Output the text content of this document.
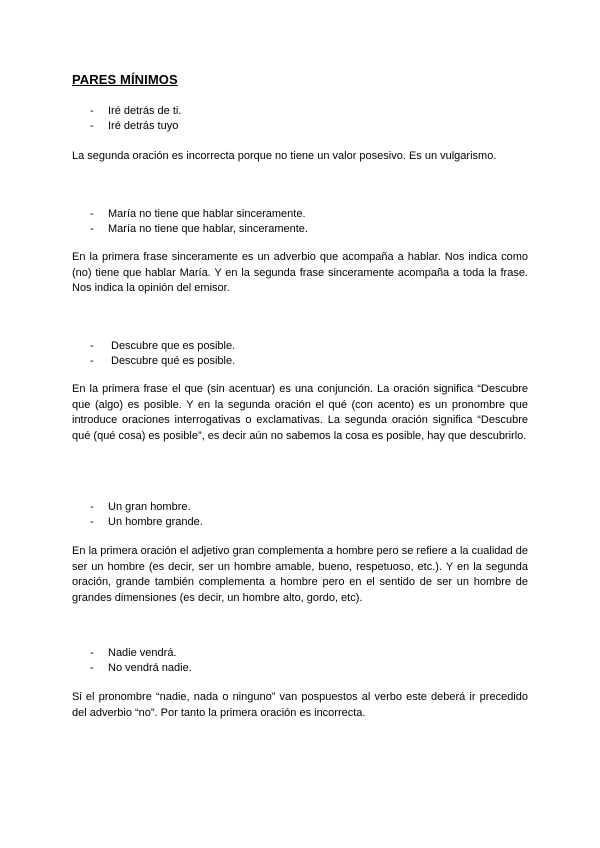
PARES MÍNIMOS
- Iré detrás de ti.
- Iré detrás tuyo

La segunda oración es incorrecta porque no tiene un valor posesivo. Es un vulgarismo.

- María no tiene que hablar sinceramente.
- María no tiene que hablar, sinceramente.

En la primera frase sinceramente es un adverbio que acompaña a hablar. Nos indica como (no) tiene que hablar María. Y en la segunda frase sinceramente acompaña a toda la frase. Nos indica la opinión del emisor.

- Descubre que es posible.
- Descubre qué es posible.

En la primera frase el que (sin acentuar) es una conjunción. La oración significa “Descubre que (algo) es posible. Y en la segunda oración el qué (con acento) es un pronombre que introduce oraciones interrogativas o exclamativas. La segunda oración significa “Descubre qué (qué cosa) es posible”, es decir aún no sabemos la cosa es posible, hay que descubrirlo.

- Un gran hombre.
- Un hombre grande.

En la primera oración el adjetivo gran complementa a hombre pero se refiere a la cualidad de ser un hombre (es decir, ser un hombre amable, bueno, respetuoso, etc.). Y en la segunda oración, grande también complementa a hombre pero en el sentido de ser un hombre de grandes dimensiones (es decir, un hombre alto, gordo, etc).

- Nadie vendrá.
- No vendrá nadie.

Si el pronombre “nadie, nada o ninguno” van pospuestos al verbo este deberá ir precedido del adverbio “no”. Por tanto la primera oración es incorrecta.
